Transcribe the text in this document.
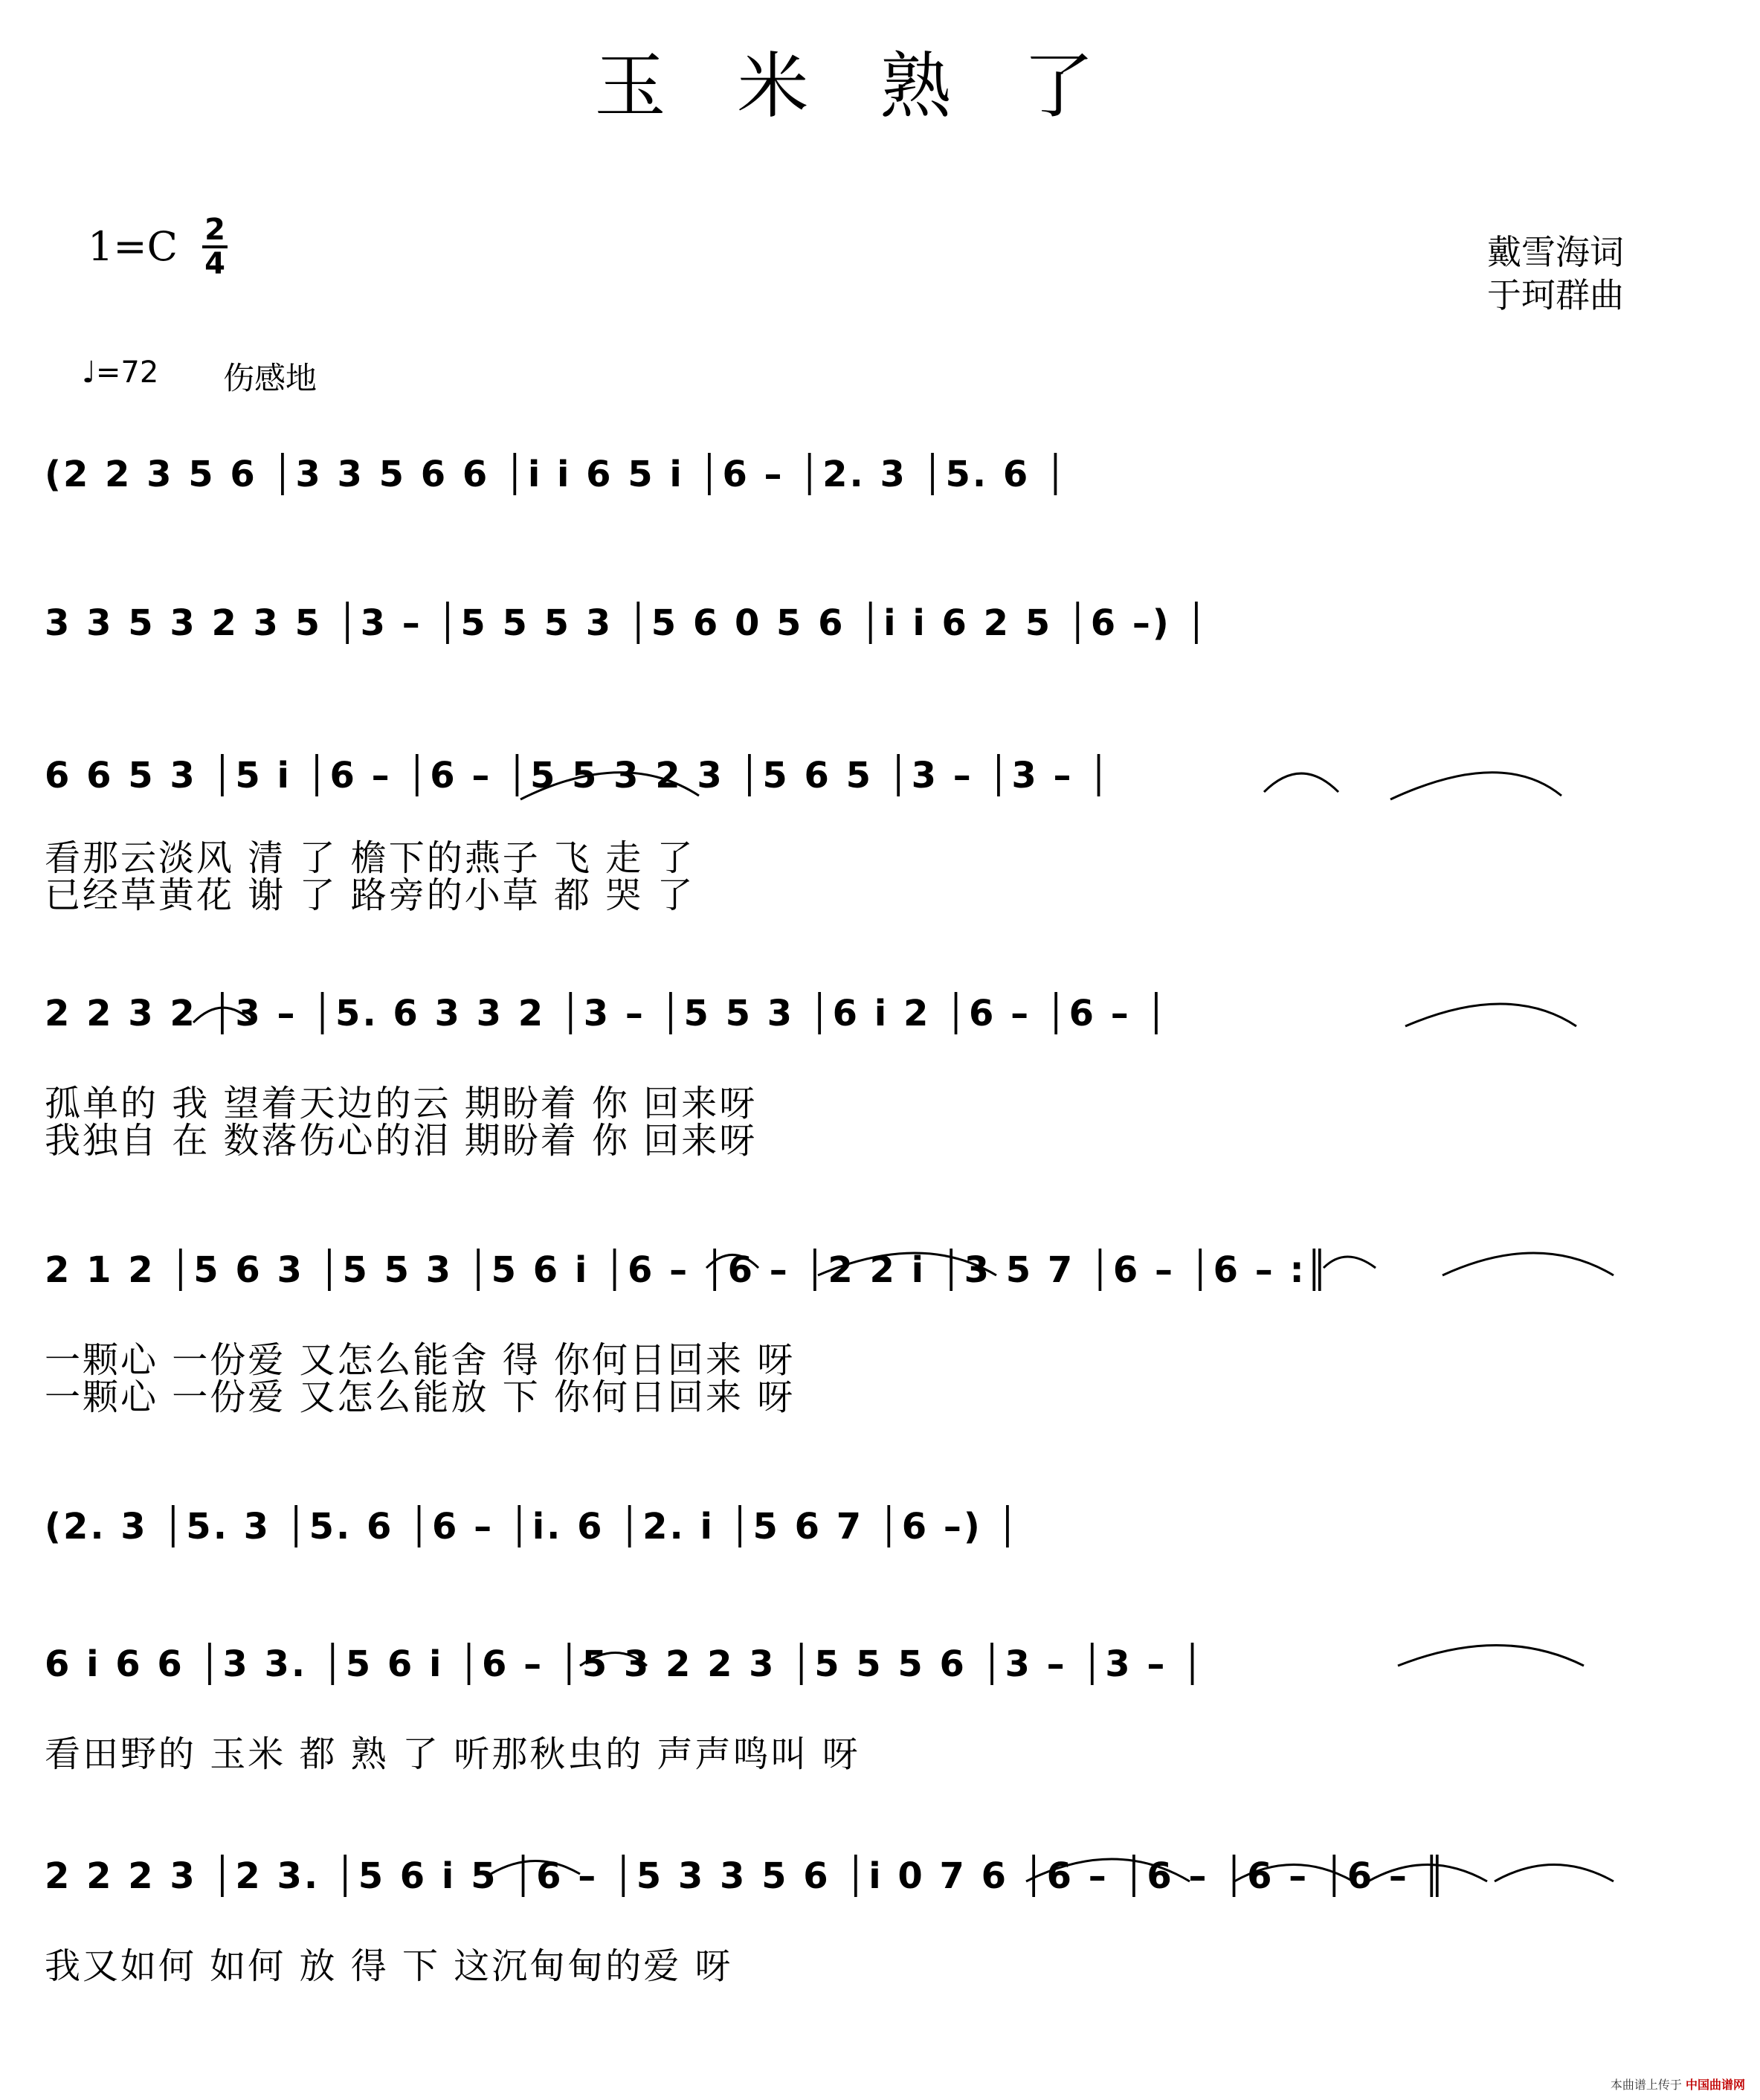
玉米熟了
1=C 2
4	戴雪海词
于珂群曲
♩=72 伤感地
(2 2 3 5 6 │3 3 5 6 6 │i i 6 5 i │6 – │2. 3 │5. 6 │
3 3 5 3 2 3 5 │3 – │5 5 5 3 │5 6 0 5 6 │i i 6 2 5 │6 –) │
6 6 5 3 │5 i │6 – │6 – │5 5 3 2 3 │5 6 5 │3 – │3 – │
看那云淡风 清 了 檐下的燕子 飞 走 了
已经草黄花 谢 了 路旁的小草 都 哭 了
2 2 3 2 │3 – │5. 6 3 3 2 │3 – │5 5 3 │6 i 2 │6 – │6 – │
孤单的 我 望着天边的云 期盼着 你 回来呀
我独自 在 数落伤心的泪 期盼着 你 回来呀
2 1 2 │5 6 3 │5 5 3 │5 6 i │6 – │6 – │2 2 i │3 5 7 │6 – │6 – :║
一颗心 一份爱 又怎么能舍 得 你何日回来 呀
一颗心 一份爱 又怎么能放 下 你何日回来 呀
(2. 3 │5. 3 │5. 6 │6 – │i. 6 │2. i │5 6 7 │6 –) │
6 i 6 6 │3 3. │5 6 i │6 – │5 3 2 2 3 │5 5 5 6 │3 – │3 – │
看田野的 玉米 都 熟 了 听那秋虫的 声声鸣叫 呀
2 2 2 3 │2 3. │5 6 i 5 │6 – │5 3 3 5 6 │i 0 7 6 │6 – │6 – │6 – │6 – ║
我又如何 如何 放 得 下 这沉甸甸的爱 呀
本曲谱上传于 中国曲谱网
